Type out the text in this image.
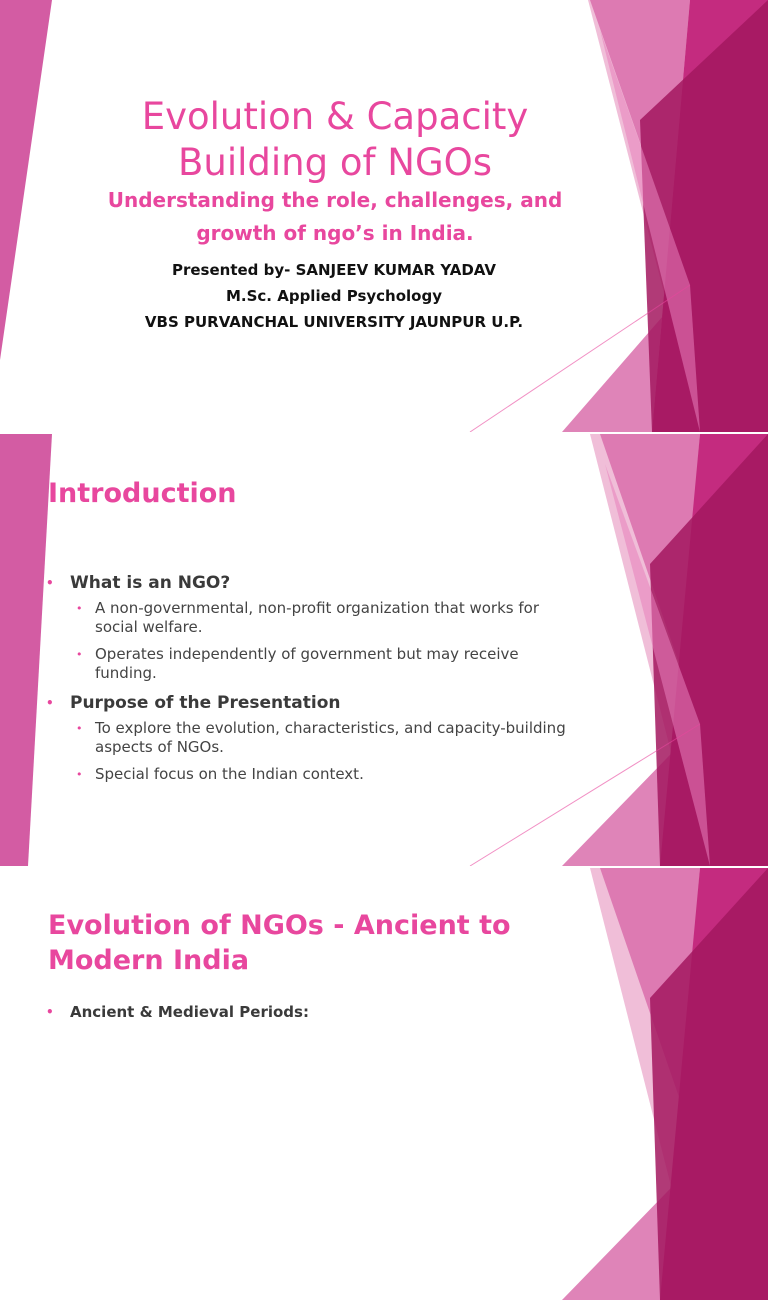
Evolution & Capacity
Building of NGOs
Understanding the role, challenges, and
growth of ngo’s in India.
Presented by- SANJEEV KUMAR YADAV
M.Sc. Applied Psychology
VBS PURVANCHAL UNIVERSITY JAUNPUR U.P.
Introduction
• What is an NGO?
• A non-governmental, non-profit organization that works for social welfare.
• Operates independently of government but may receive funding.
• Purpose of the Presentation
• To explore the evolution, characteristics, and capacity-building aspects of NGOs.
• Special focus on the Indian context.
Evolution of NGOs - Ancient to
Modern India
• Ancient & Medieval Periods:
